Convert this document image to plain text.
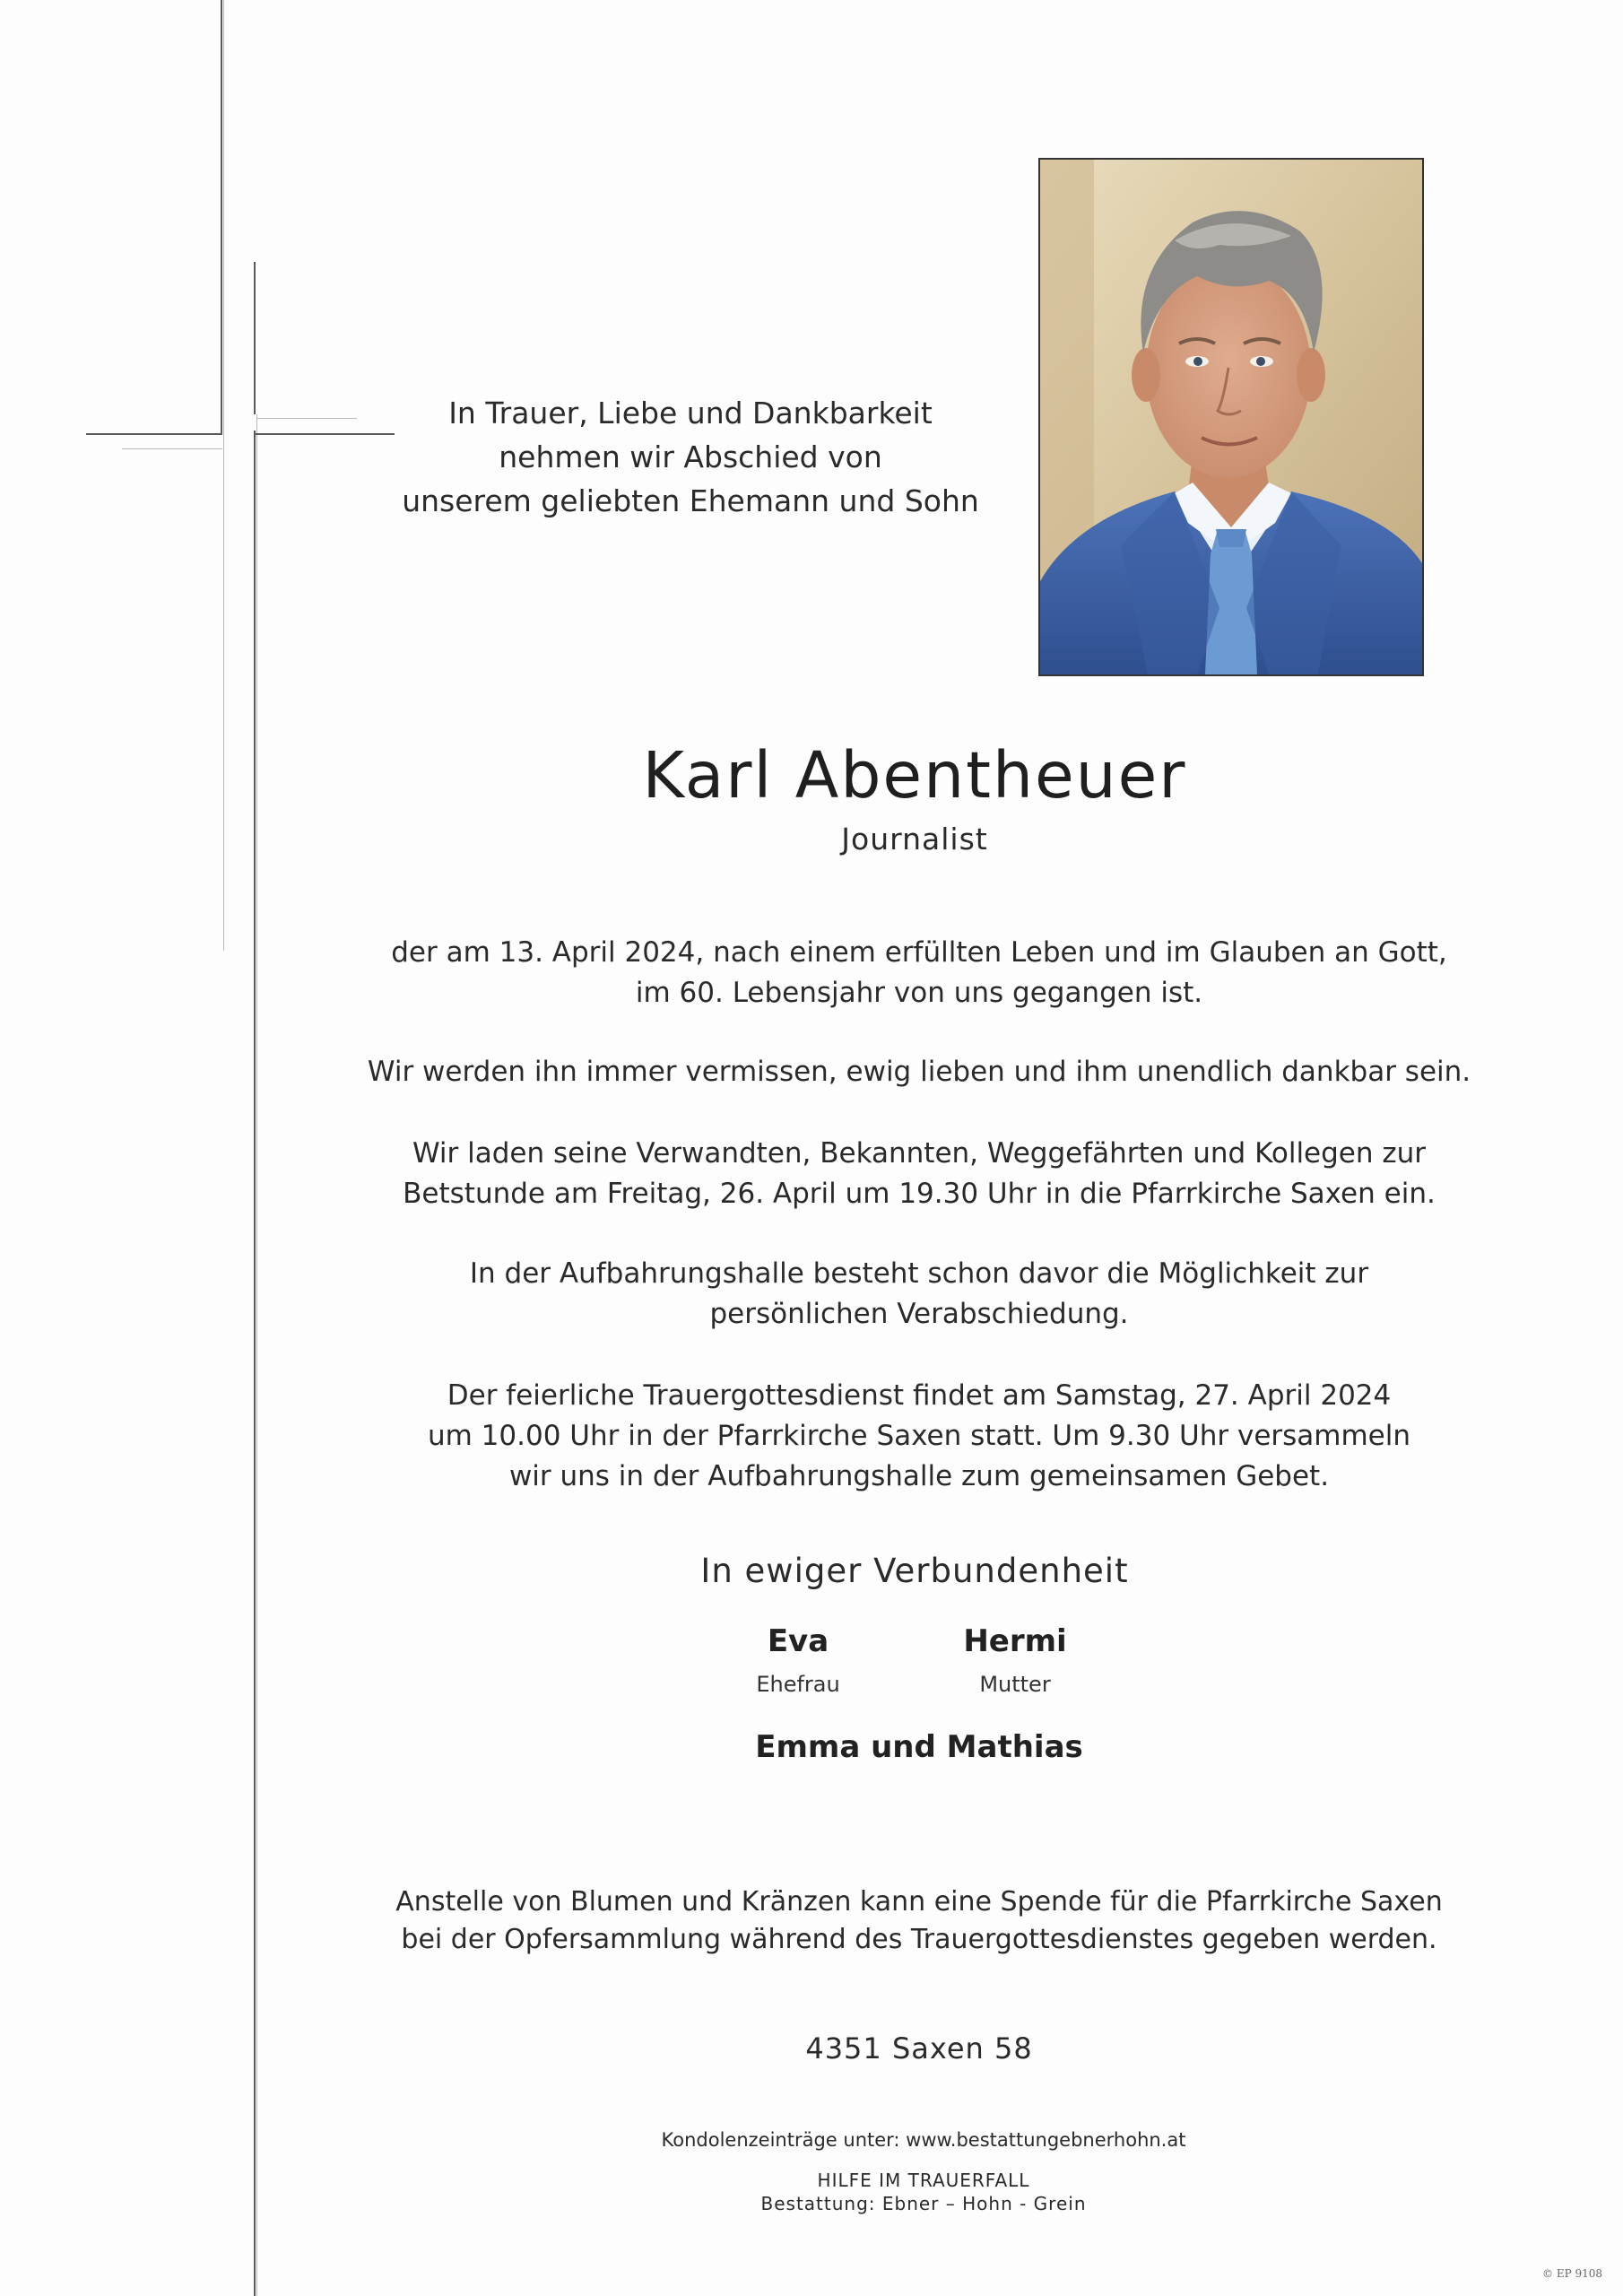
In Trauer, Liebe und Dankbarkeit
nehmen wir Abschied von
unserem geliebten Ehemann und Sohn
Karl Abentheuer
Journalist
der am 13. April 2024, nach einem erfüllten Leben und im Glauben an Gott,
im 60. Lebensjahr von uns gegangen ist.
Wir werden ihn immer vermissen, ewig lieben und ihm unendlich dankbar sein.
Wir laden seine Verwandten, Bekannten, Weggefährten und Kollegen zur
Betstunde am Freitag, 26. April um 19.30 Uhr in die Pfarrkirche Saxen ein.
In der Aufbahrungshalle besteht schon davor die Möglichkeit zur
persönlichen Verabschiedung.
Der feierliche Trauergottesdienst findet am Samstag, 27. April 2024
um 10.00 Uhr in der Pfarrkirche Saxen statt. Um 9.30 Uhr versammeln
wir uns in der Aufbahrungshalle zum gemeinsamen Gebet.
In ewiger Verbundenheit
Eva
Ehefrau
Hermi
Mutter
Emma und Mathias
Anstelle von Blumen und Kränzen kann eine Spende für die Pfarrkirche Saxen
bei der Opfersammlung während des Trauergottesdienstes gegeben werden.
4351 Saxen 58
Kondolenzeinträge unter: www.bestattungebnerhohn.at
HILFE IM TRAUERFALL
Bestattung: Ebner – Hohn - Grein
© EP 9108
